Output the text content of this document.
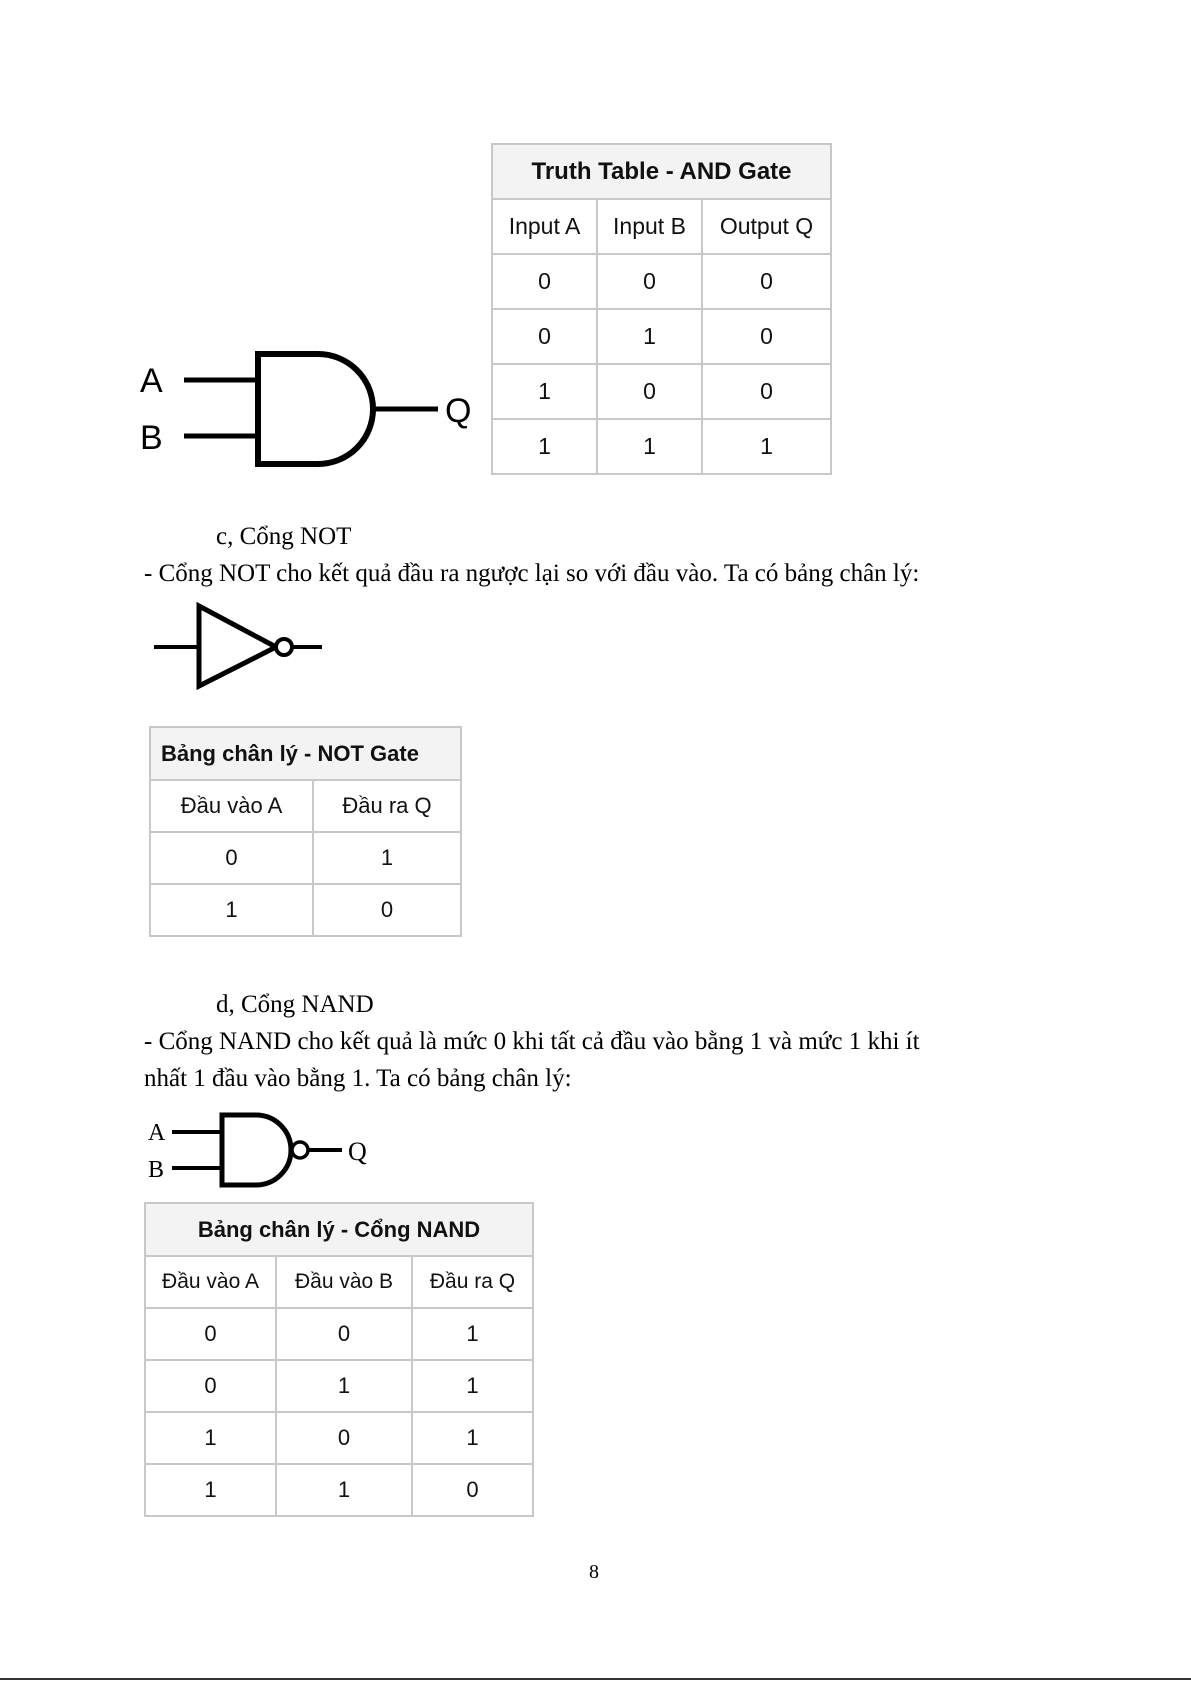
A
B
Q
Truth Table - AND Gate		
Input A	Input B	Output Q
0	0	0
0	1	0
1	0	0
1	1	1
c, Cổng NOT
- Cổng NOT cho kết quả đầu ra ngược lại so với đầu vào. Ta có bảng chân lý:
Bảng chân lý - NOT Gate	
Đầu vào A	Đầu ra Q
0	1
1	0
d, Cổng NAND
- Cổng NAND cho kết quả là mức 0 khi tất cả đầu vào bằng 1 và mức 1 khi ít
nhất 1 đầu vào bằng 1. Ta có bảng chân lý:
A
B
Q
Bảng chân lý - Cổng NAND		
Đầu vào A	Đầu vào B	Đầu ra Q
0	0	1
0	1	1
1	0	1
1	1	0
8
